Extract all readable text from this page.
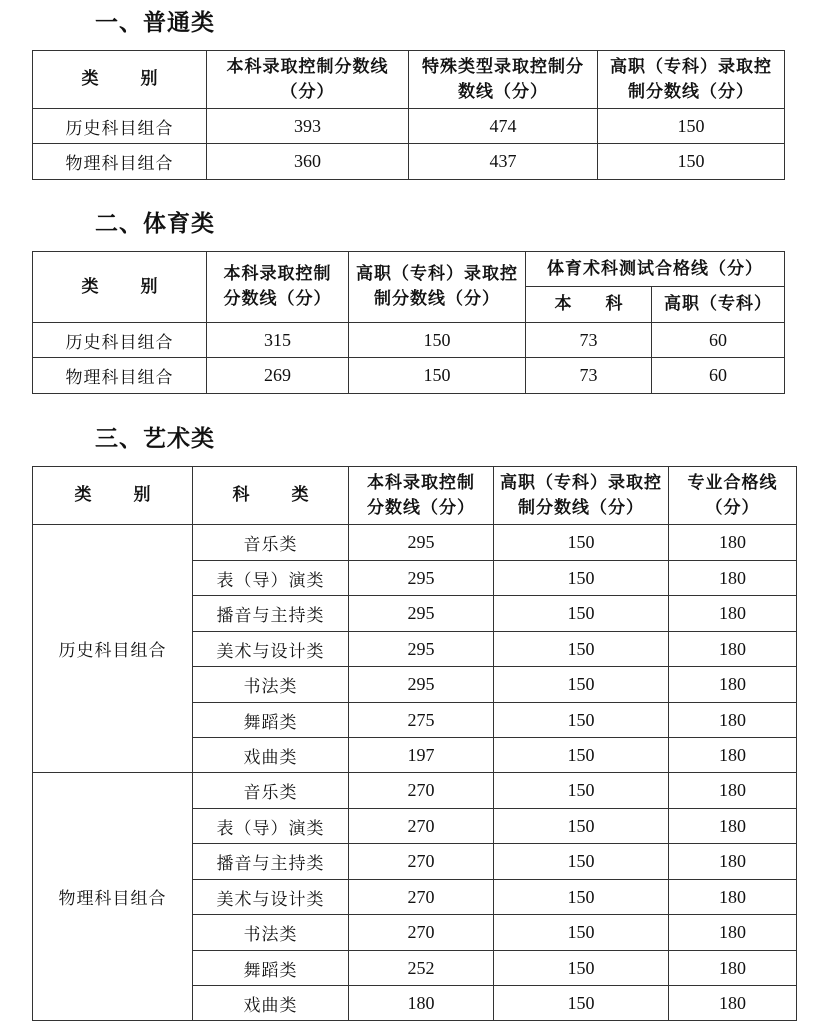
一、普通类
类 别	本科录取控制分数线（分）	特殊类型录取控制分数线（分）	高职（专科）录取控制分数线（分）
历史科目组合	393	474	150
物理科目组合	360	437	150
二、体育类
类 别	本科录取控制分数线（分）	高职（专科）录取控制分数线（分）	体育术科测试合格线（分）	
			本 科	高职（专科）
历史科目组合	315	150	73	60
物理科目组合	269	150	73	60
三、艺术类
类 别	科 类	本科录取控制分数线（分）	高职（专科）录取控制分数线（分）	专业合格线（分）
历史科目组合	音乐类	295	150	180
	表（导）演类	295	150	180
	播音与主持类	295	150	180
	美术与设计类	295	150	180
	书法类	295	150	180
	舞蹈类	275	150	180
	戏曲类	197	150	180
物理科目组合	音乐类	270	150	180
	表（导）演类	270	150	180
	播音与主持类	270	150	180
	美术与设计类	270	150	180
	书法类	270	150	180
	舞蹈类	252	150	180
	戏曲类	180	150	180
